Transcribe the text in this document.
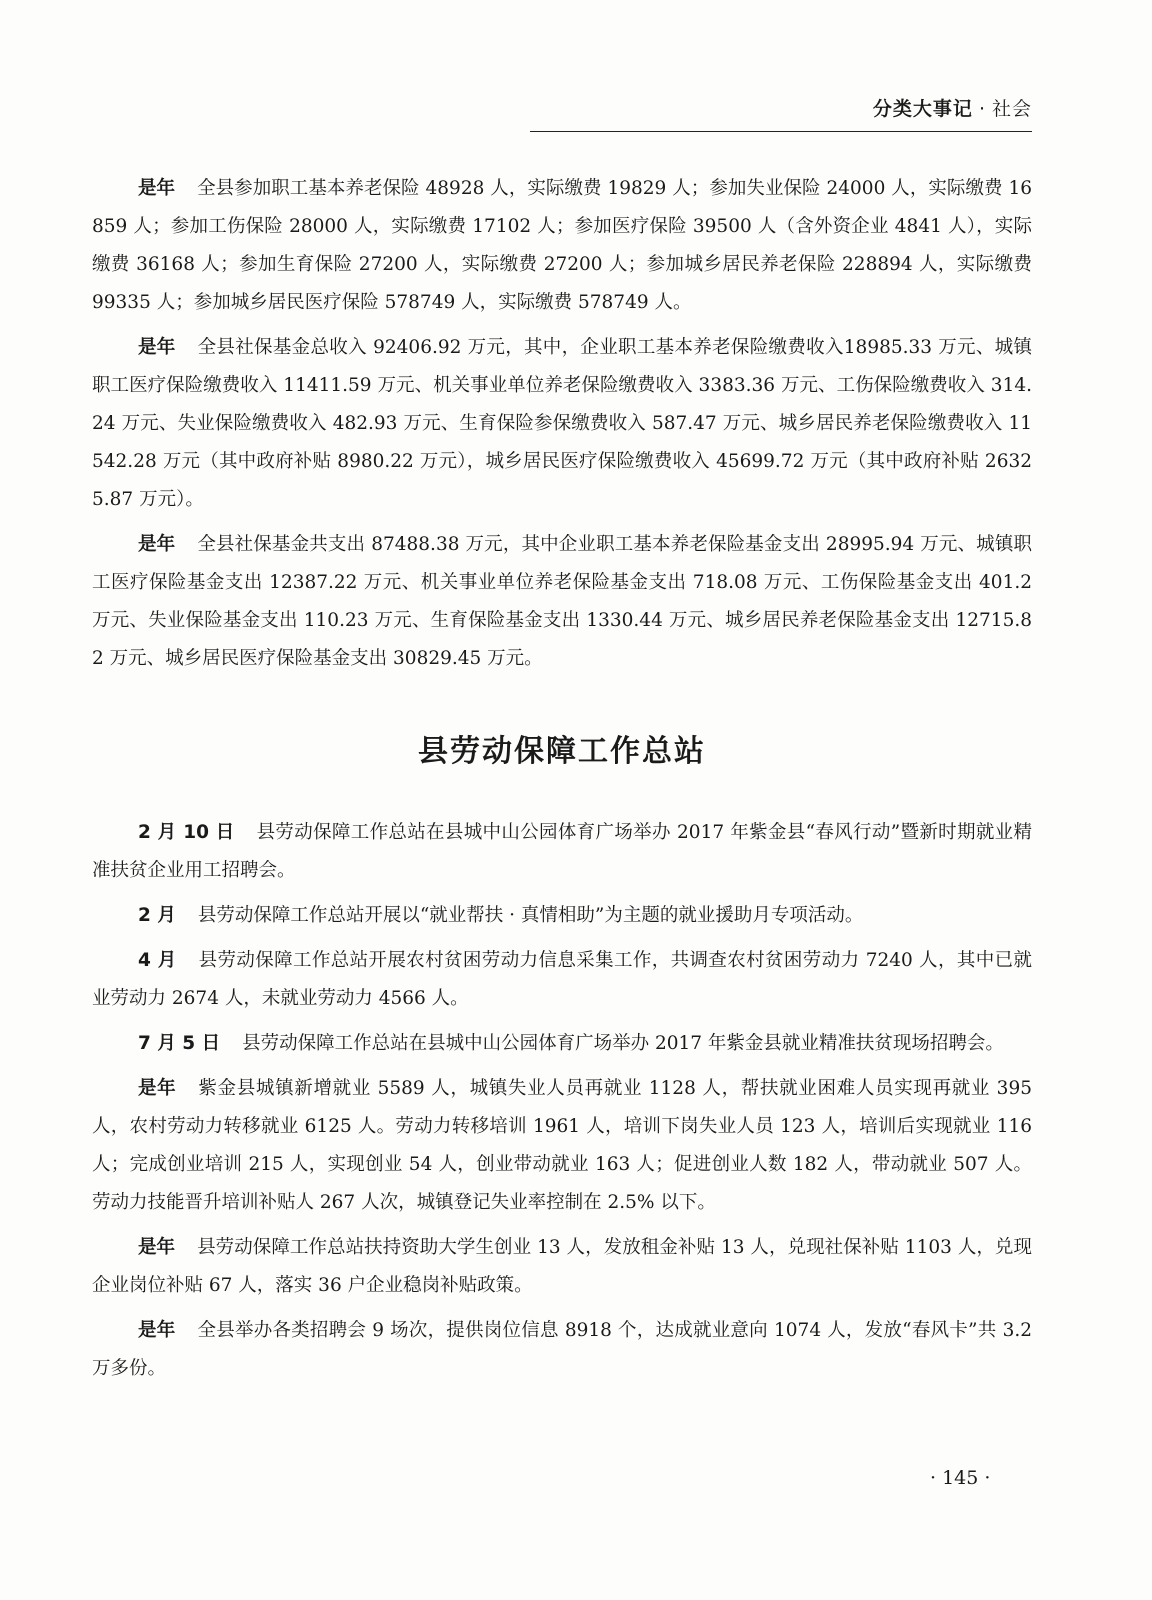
分类大事记 · 社会

是年 全县参加职工基本养老保险 48928 人，实际缴费 19829 人；参加失业保险 24000 人，实际缴费 16859 人；参加工伤保险 28000 人，实际缴费 17102 人；参加医疗保险 39500 人（含外资企业 4841 人），实际缴费 36168 人；参加生育保险 27200 人，实际缴费 27200 人；参加城乡居民养老保险 228894 人，实际缴费 99335 人；参加城乡居民医疗保险 578749 人，实际缴费 578749 人。

是年 全县社保基金总收入 92406.92 万元，其中，企业职工基本养老保险缴费收入18985.33 万元、城镇职工医疗保险缴费收入 11411.59 万元、机关事业单位养老保险缴费收入 3383.36 万元、工伤保险缴费收入 314.24 万元、失业保险缴费收入 482.93 万元、生育保险参保缴费收入 587.47 万元、城乡居民养老保险缴费收入 11542.28 万元（其中政府补贴 8980.22 万元），城乡居民医疗保险缴费收入 45699.72 万元（其中政府补贴 26325.87 万元）。

是年 全县社保基金共支出 87488.38 万元，其中企业职工基本养老保险基金支出 28995.94 万元、城镇职工医疗保险基金支出 12387.22 万元、机关事业单位养老保险基金支出 718.08 万元、工伤保险基金支出 401.2 万元、失业保险基金支出 110.23 万元、生育保险基金支出 1330.44 万元、城乡居民养老保险基金支出 12715.82 万元、城乡居民医疗保险基金支出 30829.45 万元。

县劳动保障工作总站

2 月 10 日 县劳动保障工作总站在县城中山公园体育广场举办 2017 年紫金县“春风行动”暨新时期就业精准扶贫企业用工招聘会。

2 月 县劳动保障工作总站开展以“就业帮扶 · 真情相助”为主题的就业援助月专项活动。

4 月 县劳动保障工作总站开展农村贫困劳动力信息采集工作，共调查农村贫困劳动力 7240 人，其中已就业劳动力 2674 人，未就业劳动力 4566 人。

7 月 5 日 县劳动保障工作总站在县城中山公园体育广场举办 2017 年紫金县就业精准扶贫现场招聘会。

是年 紫金县城镇新增就业 5589 人，城镇失业人员再就业 1128 人，帮扶就业困难人员实现再就业 395 人，农村劳动力转移就业 6125 人。劳动力转移培训 1961 人，培训下岗失业人员 123 人，培训后实现就业 116 人；完成创业培训 215 人，实现创业 54 人，创业带动就业 163 人；促进创业人数 182 人，带动就业 507 人。劳动力技能晋升培训补贴人 267 人次，城镇登记失业率控制在 2.5% 以下。

是年 县劳动保障工作总站扶持资助大学生创业 13 人，发放租金补贴 13 人，兑现社保补贴 1103 人，兑现企业岗位补贴 67 人，落实 36 户企业稳岗补贴政策。

是年 全县举办各类招聘会 9 场次，提供岗位信息 8918 个，达成就业意向 1074 人，发放“春风卡”共 3.2 万多份。

· 145 ·
